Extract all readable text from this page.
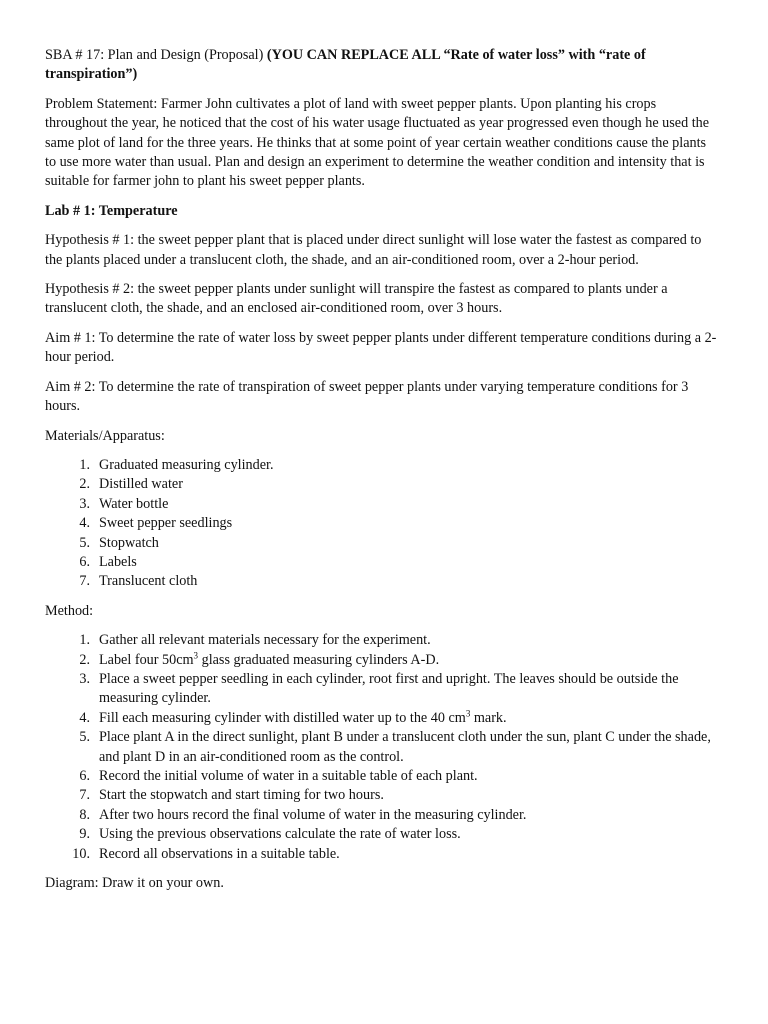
SBA # 17: Plan and Design (Proposal) (YOU CAN REPLACE ALL “Rate of water loss” with “rate of transpiration”)

Problem Statement: Farmer John cultivates a plot of land with sweet pepper plants. Upon planting his crops throughout the year, he noticed that the cost of his water usage fluctuated as year progressed even though he used the same plot of land for the three years. He thinks that at some point of year certain weather conditions cause the plants to use more water than usual. Plan and design an experiment to determine the weather condition and intensity that is suitable for farmer john to plant his sweet pepper plants.

Lab # 1: Temperature

Hypothesis # 1: the sweet pepper plant that is placed under direct sunlight will lose water the fastest as compared to the plants placed under a translucent cloth, the shade, and an air-conditioned room, over a 2-hour period.

Hypothesis # 2: the sweet pepper plants under sunlight will transpire the fastest as compared to plants under a translucent cloth, the shade, and an enclosed air-conditioned room, over 3 hours.

Aim # 1: To determine the rate of water loss by sweet pepper plants under different temperature conditions during a 2-hour period.

Aim # 2: To determine the rate of transpiration of sweet pepper plants under varying temperature conditions for 3 hours.

Materials/Apparatus:

1 . Graduated measuring cylinder.
2 . Distilled water
3 . Water bottle
4 . Sweet pepper seedlings
5 . Stopwatch
6 . Labels
7 . Translucent cloth

Method:

1 . Gather all relevant materials necessary for the experiment.
2 . Label four $50cm^3$ glass graduated measuring cylinders A-D.
3 . Place a sweet pepper seedling in each cylinder, root first and upright. The leaves should be outside the measuring cylinder.
4 . Fill each measuring cylinder with distilled water up to the 40 $cm^3$ mark.
5 . Place plant A in the direct sunlight, plant B under a translucent cloth under the sun, plant C under the shade, and plant D in an air-conditioned room as the control.
6 . Record the initial volume of water in a suitable table of each plant.
7 . Start the stopwatch and start timing for two hours.
8 . After two hours record the final volume of water in the measuring cylinder.
9 . Using the previous observations calculate the rate of water loss.
10 . Record all observations in a suitable table.

Diagram: Draw it on your own.
